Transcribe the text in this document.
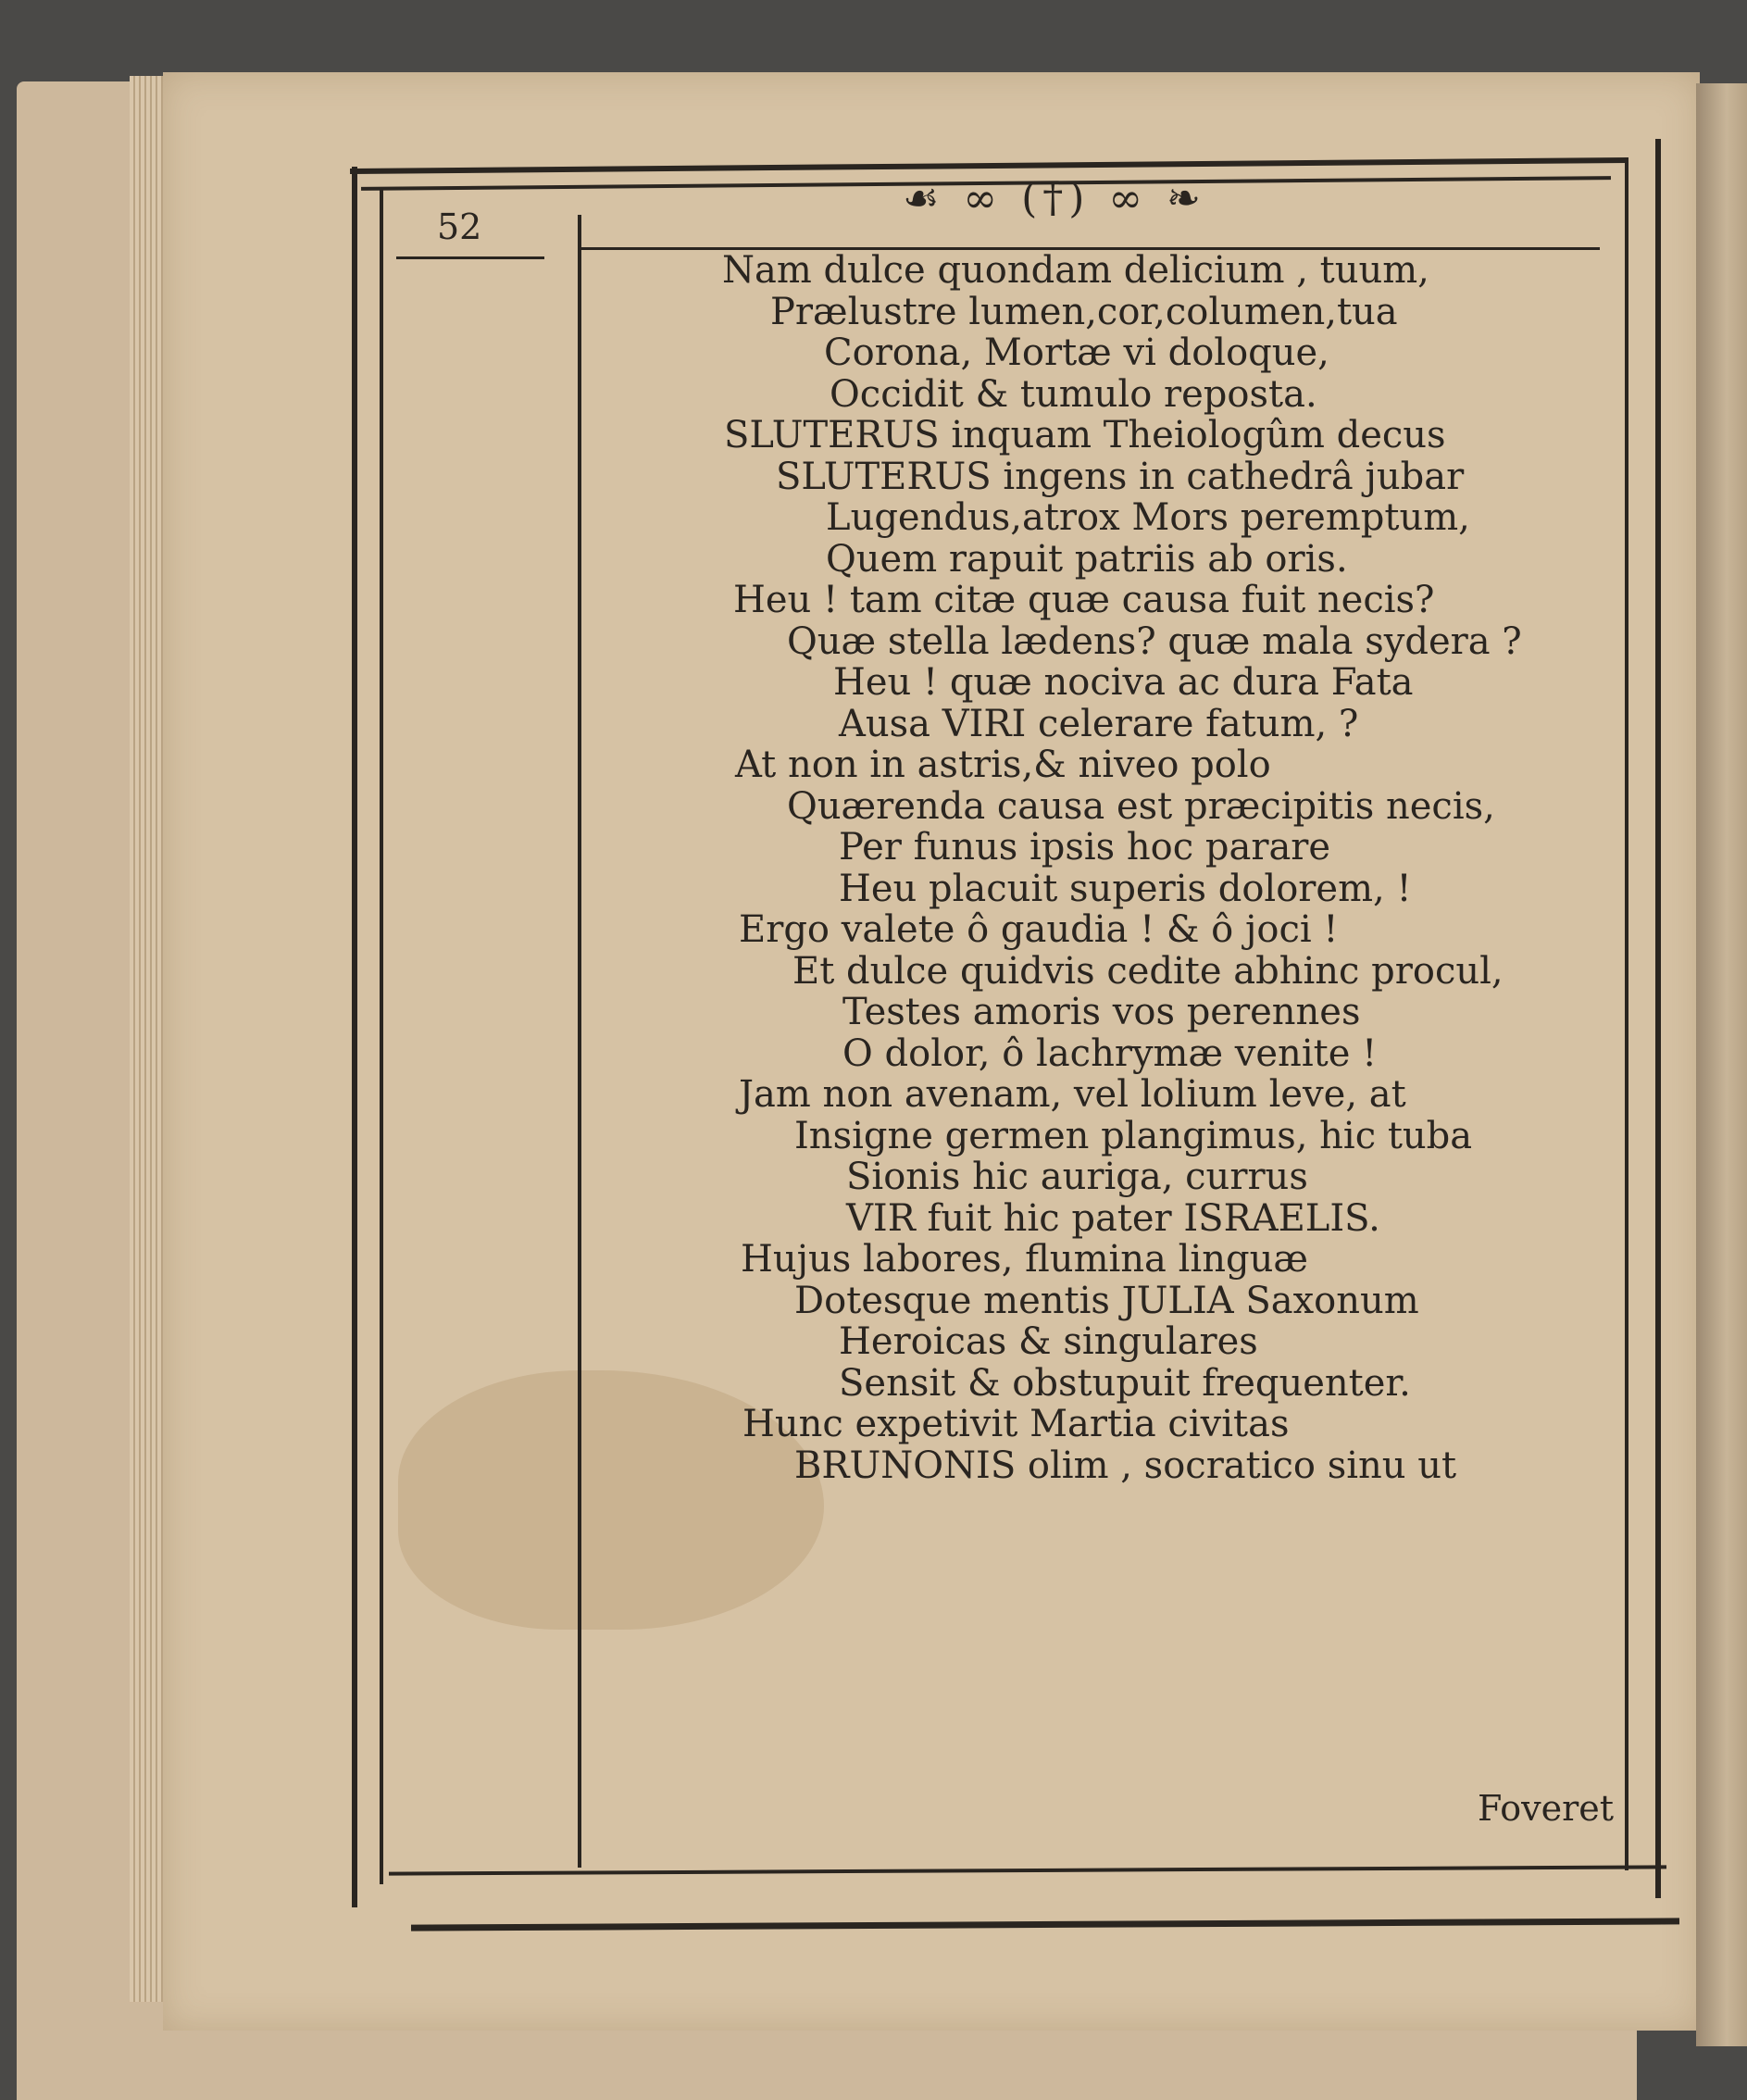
52
☙ ∞ (†) ∞ ❧
Nam dulce quondam delicium , tuum,
Prælustre lumen,cor,columen,tua
Corona, Mortæ vi doloque,
Occidit & tumulo reposta.
SLUTERUS inquam Theiologûm decus
SLUTERUS ingens in cathedrâ jubar
Lugendus,atrox Mors peremptum,
Quem rapuit patriis ab oris.
Heu ! tam citæ quæ causa fuit necis?
Quæ stella lædens? quæ mala sydera ?
Heu ! quæ nociva ac dura Fata
Ausa VIRI celerare fatum, ?
At non in astris,& niveo polo
Quærenda causa est præcipitis necis,
Per funus ipsis hoc parare
Heu placuit superis dolorem, !
Ergo valete ô gaudia ! & ô joci !
Et dulce quidvis cedite abhinc procul,
Testes amoris vos perennes
O dolor, ô lachrymæ venite !
Jam non avenam, vel lolium leve, at
Insigne germen plangimus, hic tuba
Sionis hic auriga, currus
VIR fuit hic pater ISRAELIS.
Hujus labores, flumina linguæ
Dotesque mentis JULIA Saxonum
Heroicas & singulares
Sensit & obstupuit frequenter.
Hunc expetivit Martia civitas
BRUNONIS olim , socratico sinu ut
Foveret
